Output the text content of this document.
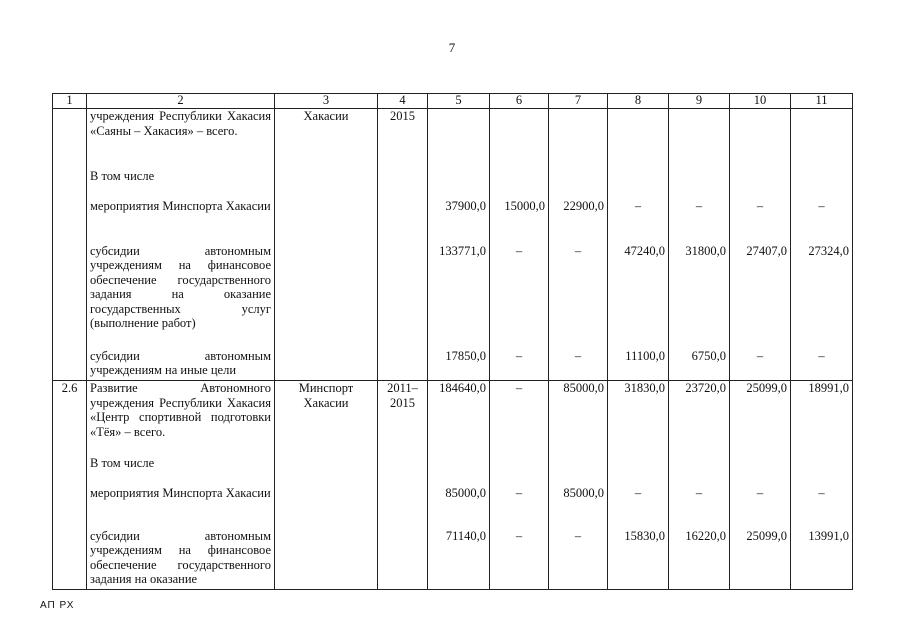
7
1	2	3	4	5	6	7	8	9	10	11

	учреждения Республики Хакасия «Саяны – Хакасия» – всего.	Хакасии	2015							

	В том числе									

	мероприятия Минспорта Хакасии			37900,0	15000,0	22900,0	–	–	–	–

	субсидии автономным учреждениям на финансовое обеспечение государственного задания на оказание государственных услуг (выполнение работ)			133771,0	–	–	47240,0	31800,0	27407,0	27324,0

	субсидии автономным учреждениям на иные цели			17850,0	–	–	11100,0	6750,0	–	–
2.6	Развитие Автономного учреждения Республики Хакасия «Центр спортивной подготовки «Тёя» – всего.	Минспорт Хакасии	2011–2015	184640,0	–	85000,0	31830,0	23720,0	25099,0	18991,0

	В том числе									

	мероприятия Минспорта Хакасии			85000,0	–	85000,0	–	–	–	–

	субсидии автономным учреждениям на финансовое обеспечение государственного задания на оказание			71140,0	–	–	15830,0	16220,0	25099,0	13991,0
АП РХ
